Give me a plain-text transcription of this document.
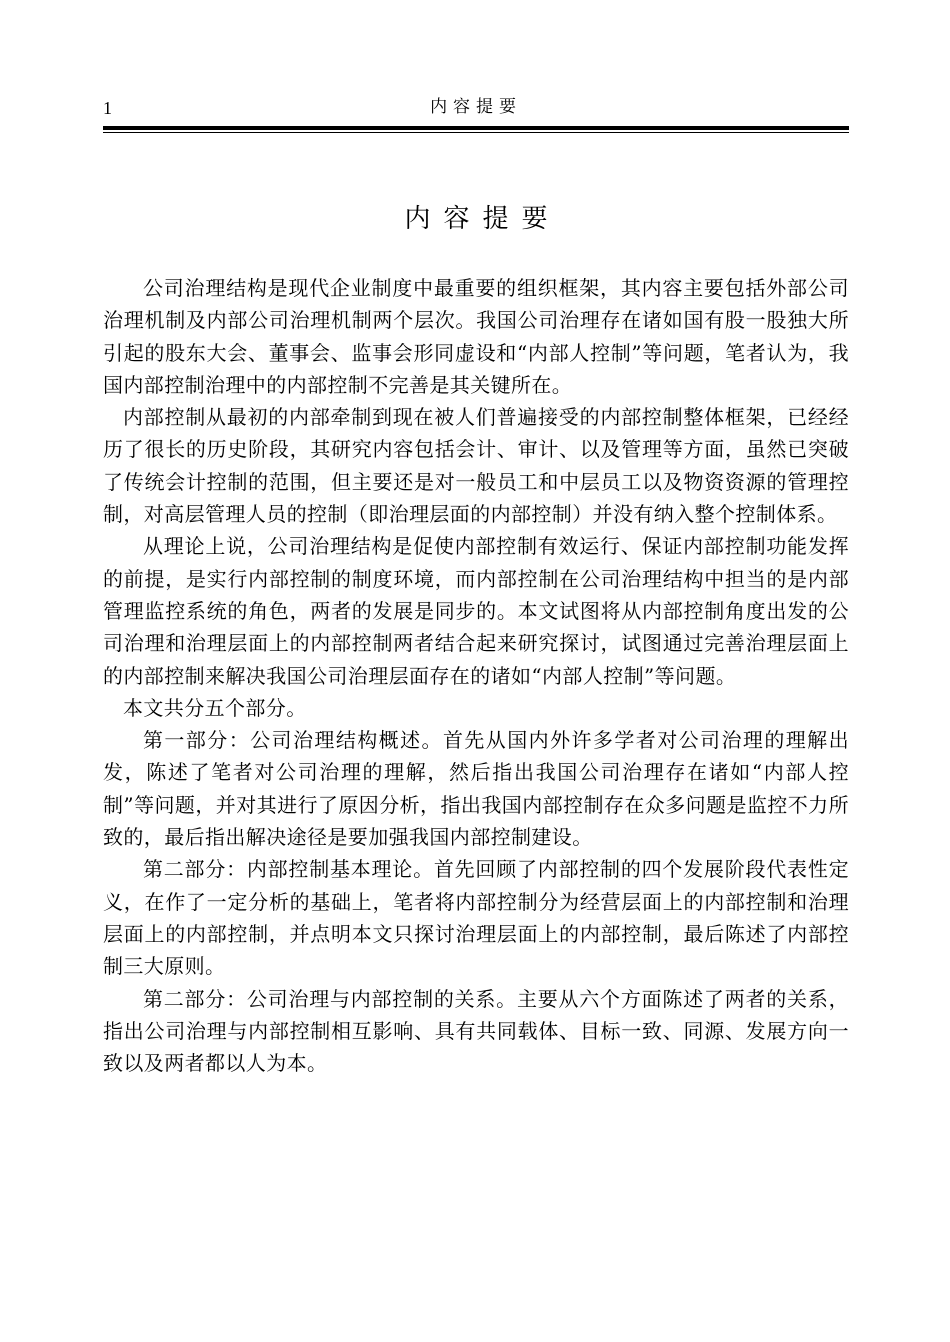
1	内容提要
内容提要

公司治理结构是现代企业制度中最重要的组织框架，其内容主要包括外部公司治理机制及内部公司治理机制两个层次。我国公司治理存在诸如国有股一股独大所引起的股东大会、董事会、监事会形同虚设和“内部人控制”等问题，笔者认为，我国内部控制治理中的内部控制不完善是其关键所在。

内部控制从最初的内部牵制到现在被人们普遍接受的内部控制整体框架，已经经历了很长的历史阶段，其研究内容包括会计、审计、以及管理等方面，虽然已突破了传统会计控制的范围，但主要还是对一般员工和中层员工以及物资资源的管理控制，对高层管理人员的控制（即治理层面的内部控制）并没有纳入整个控制体系。

从理论上说，公司治理结构是促使内部控制有效运行、保证内部控制功能发挥的前提，是实行内部控制的制度环境，而内部控制在公司治理结构中担当的是内部管理监控系统的角色，两者的发展是同步的。本文试图将从内部控制角度出发的公司治理和治理层面上的内部控制两者结合起来研究探讨，试图通过完善治理层面上的内部控制来解决我国公司治理层面存在的诸如“内部人控制”等问题。

本文共分五个部分。

第一部分：公司治理结构概述。首先从国内外许多学者对公司治理的理解出发，陈述了笔者对公司治理的理解，然后指出我国公司治理存在诸如“内部人控制”等问题，并对其进行了原因分析，指出我国内部控制存在众多问题是监控不力所致的，最后指出解决途径是要加强我国内部控制建设。

第二部分：内部控制基本理论。首先回顾了内部控制的四个发展阶段代表性定义，在作了一定分析的基础上，笔者将内部控制分为经营层面上的内部控制和治理层面上的内部控制，并点明本文只探讨治理层面上的内部控制，最后陈述了内部控制三大原则。

第二部分：公司治理与内部控制的关系。主要从六个方面陈述了两者的关系，指出公司治理与内部控制相互影响、具有共同载体、目标一致、同源、发展方向一致以及两者都以人为本。
